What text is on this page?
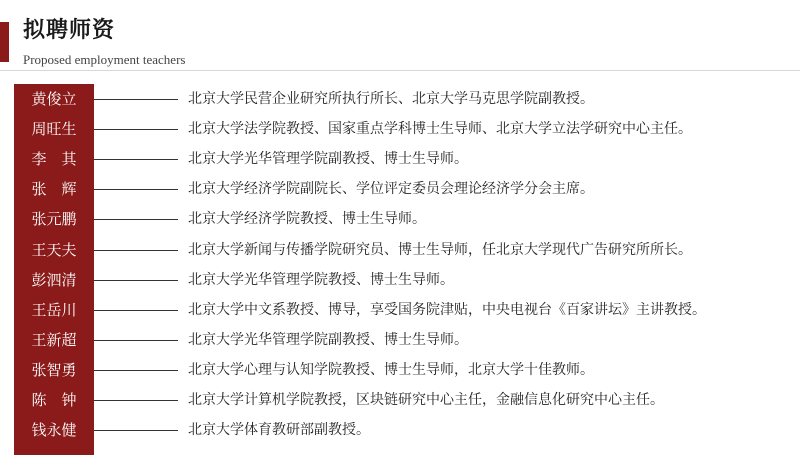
拟聘师资
Proposed employment teachers
黄俊立	北京大学民营企业研究所执行所长、北京大学马克思学院副教授。
周旺生	北京大学法学院教授、国家重点学科博士生导师、北京大学立法学研究中心主任。
李　其	北京大学光华管理学院副教授、博士生导师。
张　辉	北京大学经济学院副院长、学位评定委员会理论经济学分会主席。
张元鹏	北京大学经济学院教授、博士生导师。
王天夫	北京大学新闻与传播学院研究员、博士生导师，任北京大学现代广告研究所所长。
彭泗清	北京大学光华管理学院教授、博士生导师。
王岳川	北京大学中文系教授、博导，享受国务院津贴，中央电视台《百家讲坛》主讲教授。
王新超	北京大学光华管理学院副教授、博士生导师。
张智勇	北京大学心理与认知学院教授、博士生导师，北京大学十佳教师。
陈　钟	北京大学计算机学院教授，区块链研究中心主任，金融信息化研究中心主任。
钱永健	北京大学体育教研部副教授。
